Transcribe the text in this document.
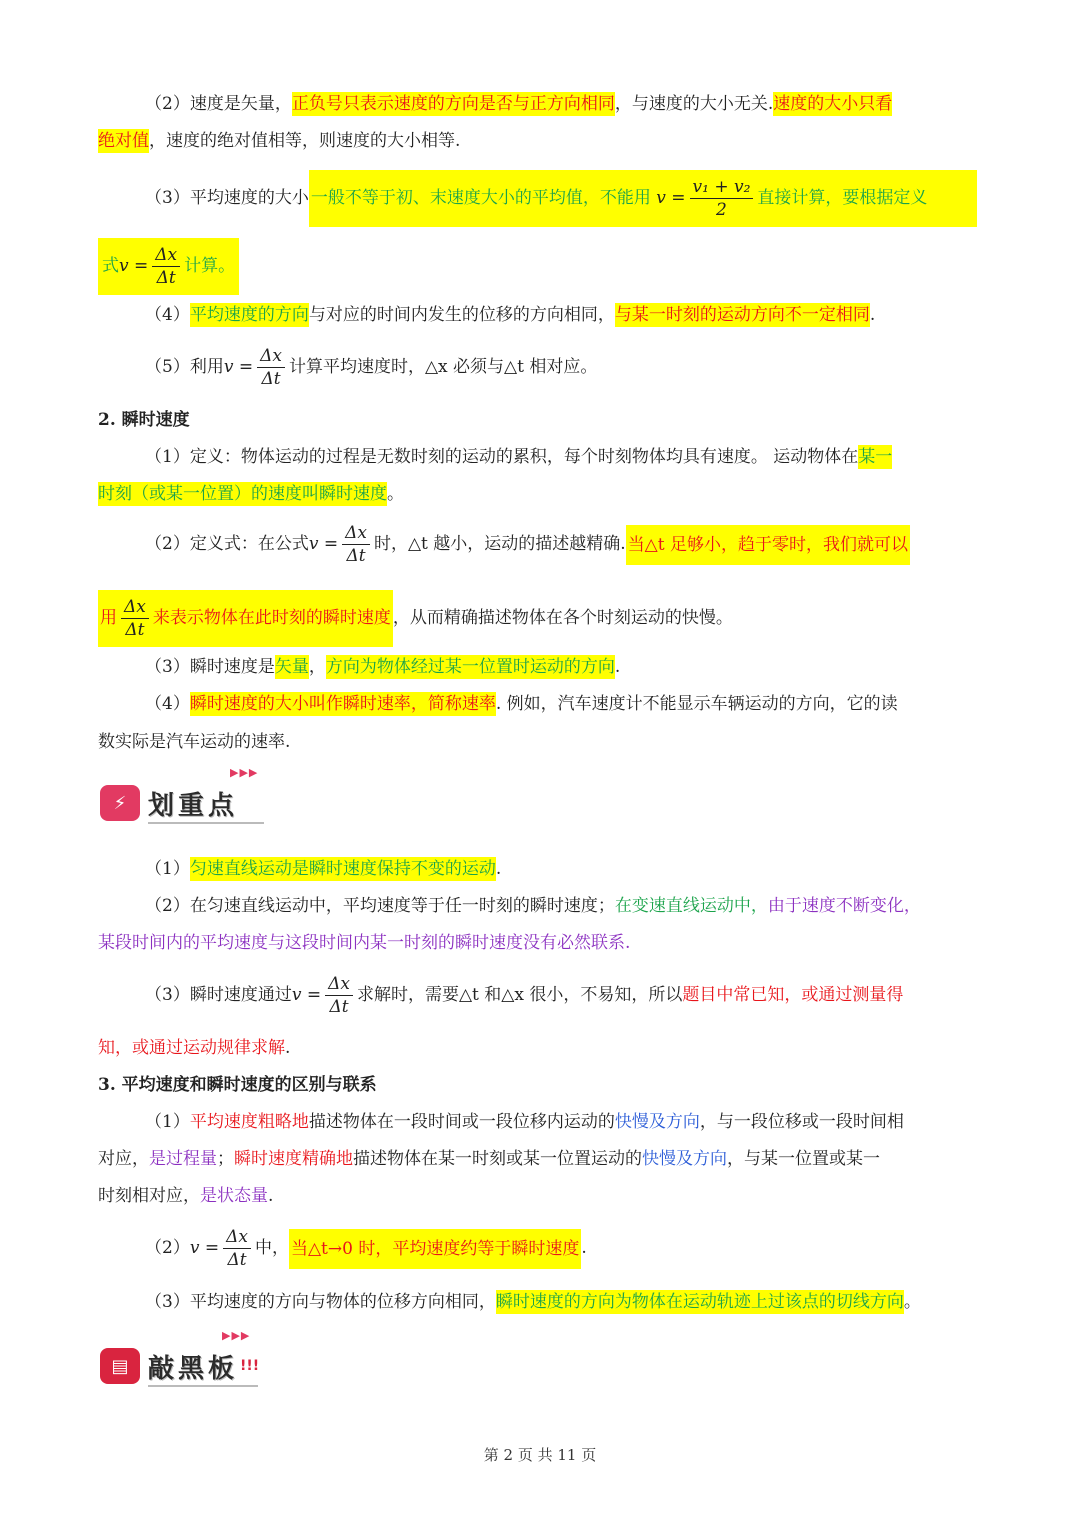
（2）速度是矢量，正负号只表示速度的方向是否与正方向相同，与速度的大小无关.速度的大小只看
绝对值，速度的绝对值相等，则速度的大小相等.
（3）平均速度的大小 一般不等于初、末速度大小的平均值，不能用 $v = \frac{\text{v₁ + v₂}}{2}$ 直接计算，要根据定义
式$v = \frac{\Delta x}{\Delta t}$ 计算。
（4）平均速度的方向与对应的时间内发生的位移的方向相同，与某一时刻的运动方向不一定相同.
（5）利用$v = \frac{\Delta x}{\Delta t}$ 计算平均速度时，△x 必须与△t 相对应。
2. 瞬时速度
（1）定义：物体运动的过程是无数时刻的运动的累积，每个时刻物体均具有速度。 运动物体在某一
时刻（或某一位置）的速度叫瞬时速度。
（2）定义式：在公式$v = \frac{\Delta x}{\Delta t}$ 时，△t 越小，运动的描述越精确. 当△t 足够小，趋于零时，我们就可以
用 $\frac{\Delta x}{\Delta t}$ 来表示物体在此时刻的瞬时速度 ，从而精确描述物体在各个时刻运动的快慢。
（3）瞬时速度是矢量，方向为物体经过某一位置时运动的方向.
（4）瞬时速度的大小叫作瞬时速率，简称速率. 例如，汽车速度计不能显示车辆运动的方向，它的读
数实际是汽车运动的速率.
▶▶▶
⚡ 划重点
（1）匀速直线运动是瞬时速度保持不变的运动.
（2）在匀速直线运动中，平均速度等于任一时刻的瞬时速度；在变速直线运动中，由于速度不断变化，
某段时间内的平均速度与这段时间内某一时刻的瞬时速度没有必然联系.
（3）瞬时速度通过$v = \frac{\Delta x}{\Delta t}$ 求解时，需要△t 和△x 很小，不易知，所以题目中常已知，或通过测量得
知，或通过运动规律求解.
3. 平均速度和瞬时速度的区别与联系
（1）平均速度粗略地描述物体在一段时间或一段位移内运动的快慢及方向，与一段位移或一段时间相
对应，是过程量；瞬时速度精确地描述物体在某一时刻或某一位置运动的快慢及方向，与某一位置或某一
时刻相对应，是状态量.
$(2)v = \frac{\Delta x}{\Delta t}$ 中， 当△t→0 时，平均速度约等于瞬时速度 .
（3）平均速度的方向与物体的位移方向相同，瞬时速度的方向为物体在运动轨迹上过该点的切线方向。
▶▶▶
▤ 敲黑板 !!!
第 2 页 共 11 页
